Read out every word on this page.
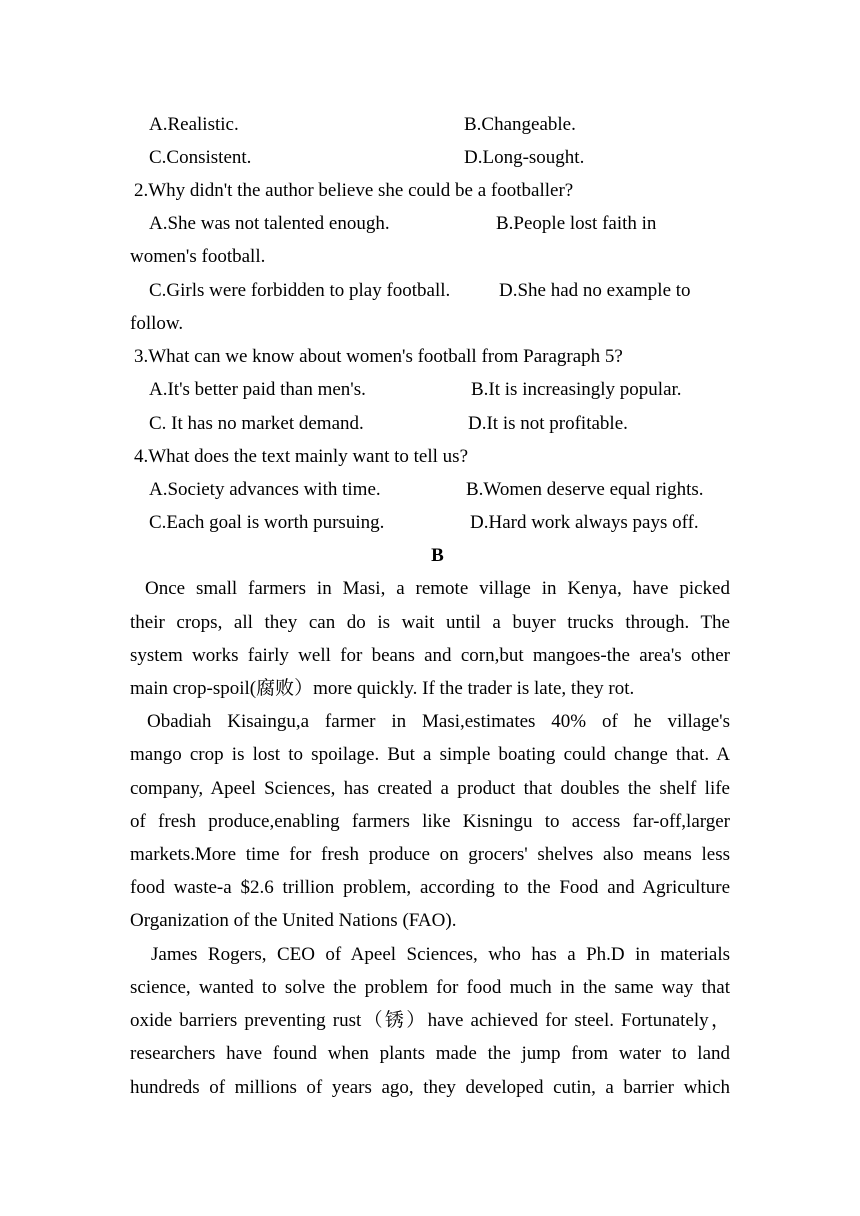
A.Realistic.	B.Changeable.
C.Consistent.	D.Long-sought.
2.Why didn't the author believe she could be a footballer?
A.She was not talented enough.	B.People lost faith in
women's football.
C.Girls were forbidden to play football.	D.She had no example to
follow.
3.What can we know about women's football from Paragraph 5?
A.It's better paid than men's.	B.It is increasingly popular.
C. It has no market demand.	D.It is not profitable.
4.What does the text mainly want to tell us?
A.Society advances with time.	B.Women deserve equal rights.
C.Each goal is worth pursuing.	D.Hard work always pays off.
B
Once small farmers in Masi, a remote village in Kenya, have picked
their crops, all they can do is wait until a buyer trucks through. The
system works fairly well for beans and corn,but mangoes-the area's other
main crop-spoil(腐败）more quickly. If the trader is late, they rot.
Obadiah Kisaingu,a farmer in Masi,estimates 40% of he village's
mango crop is lost to spoilage. But a simple boating could change that. A
company, Apeel Sciences, has created a product that doubles the shelf life
of fresh produce,enabling farmers like Kisningu to access far-off,larger
markets.More time for fresh produce on grocers' shelves also means less
food waste-a $2.6 trillion problem, according to the Food and Agriculture
Organization of the United Nations (FAO).
James Rogers, CEO of Apeel Sciences, who has a Ph.D in materials
science, wanted to solve the problem for food much in the same way that
oxide barriers preventing rust（锈）have achieved for steel. Fortunately，
researchers have found when plants made the jump from water to land
hundreds of millions of years ago, they developed cutin, a barrier which
